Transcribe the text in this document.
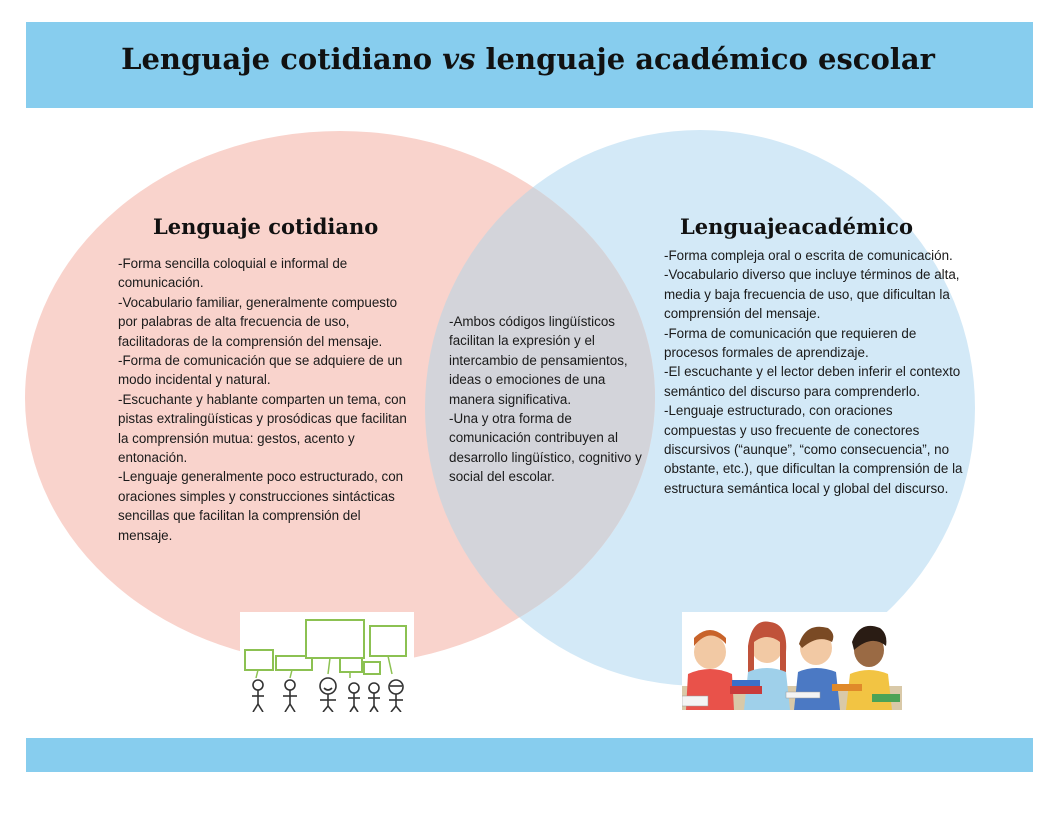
Lenguaje cotidiano vs lenguaje académico escolar
Lenguaje cotidiano

-Forma sencilla coloquial e informal de comunicación.

-Vocabulario familiar, generalmente compuesto por palabras de alta frecuencia de uso, facilitadoras de la comprensión del mensaje.

-Forma de comunicación que se adquiere de un modo incidental y natural.

-Escuchante y hablante comparten un tema, con pistas extralingüísticas y prosódicas que facilitan la comprensión mutua: gestos, acento y entonación.

-Lenguaje generalmente poco estructurado, con oraciones simples y construcciones sintácticas sencillas que facilitan la comprensión del mensaje.

-Ambos códigos lingüísticos facilitan la expresión y el intercambio de pensamientos, ideas o emociones de una manera significativa.

-Una y otra forma de comunicación contribuyen al desarrollo lingüístico, cognitivo y social del escolar.

Lenguajeacadémico

-Forma compleja oral o escrita de comunicación.

-Vocabulario diverso que incluye términos de alta, media y baja frecuencia de uso, que dificultan la comprensión del mensaje.

-Forma de comunicación que requieren de procesos formales de aprendizaje.

-El escuchante y el lector deben inferir el contexto semántico del discurso para comprenderlo.

-Lenguaje estructurado, con oraciones compuestas y uso frecuente de conectores discursivos (“aunque”, “como consecuencia”, no obstante, etc.), que dificultan la comprensión de la estructura semántica local y global del discurso.
